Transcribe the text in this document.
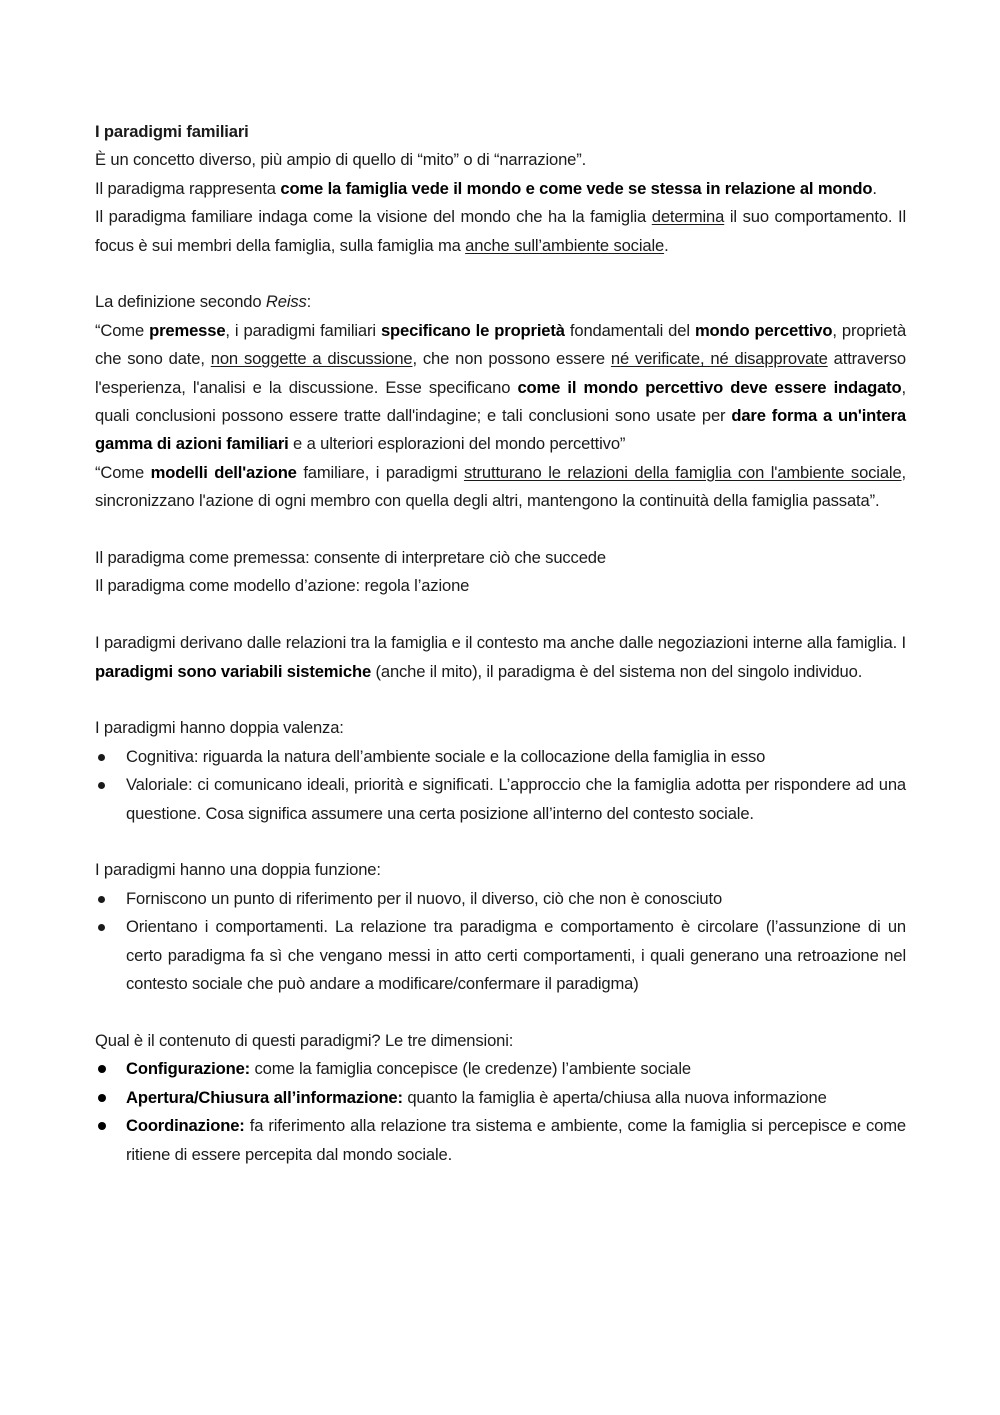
I paradigmi familiari

È un concetto diverso, più ampio di quello di “mito” o di “narrazione”.

Il paradigma rappresenta come la famiglia vede il mondo e come vede se stessa in relazione al mondo.

Il paradigma familiare indaga come la visione del mondo che ha la famiglia determina il suo comportamento. Il focus è sui membri della famiglia, sulla famiglia ma anche sull’ambiente sociale.

La definizione secondo Reiss:

“Come premesse, i paradigmi familiari specificano le proprietà fondamentali del mondo percettivo, proprietà che sono date, non soggette a discussione, che non possono essere né verificate, né disapprovate attraverso l'esperienza, l'analisi e la discussione. Esse specificano come il mondo percettivo deve essere indagato, quali conclusioni possono essere tratte dall'indagine; e tali conclusioni sono usate per dare forma a un'intera gamma di azioni familiari e a ulteriori esplorazioni del mondo percettivo”

“Come modelli dell'azione familiare, i paradigmi strutturano le relazioni della famiglia con l'ambiente sociale, sincronizzano l'azione di ogni membro con quella degli altri, mantengono la continuità della famiglia passata”.

Il paradigma come premessa: consente di interpretare ciò che succede

Il paradigma come modello d’azione: regola l’azione

I paradigmi derivano dalle relazioni tra la famiglia e il contesto ma anche dalle negoziazioni interne alla famiglia. I paradigmi sono variabili sistemiche (anche il mito), il paradigma è del sistema non del singolo individuo.

I paradigmi hanno doppia valenza:

Cognitiva: riguarda la natura dell’ambiente sociale e la collocazione della famiglia in esso
Valoriale: ci comunicano ideali, priorità e significati. L’approccio che la famiglia adotta per rispondere ad una questione. Cosa significa assumere una certa posizione all’interno del contesto sociale.

I paradigmi hanno una doppia funzione:

Forniscono un punto di riferimento per il nuovo, il diverso, ciò che non è conosciuto
Orientano i comportamenti. La relazione tra paradigma e comportamento è circolare (l’assunzione di un certo paradigma fa sì che vengano messi in atto certi comportamenti, i quali generano una retroazione nel contesto sociale che può andare a modificare/confermare il paradigma)

Qual è il contenuto di questi paradigmi? Le tre dimensioni:

Configurazione: come la famiglia concepisce (le credenze) l’ambiente sociale
Apertura/Chiusura all’informazione: quanto la famiglia è aperta/chiusa alla nuova informazione
Coordinazione: fa riferimento alla relazione tra sistema e ambiente, come la famiglia si percepisce e come ritiene di essere percepita dal mondo sociale.
